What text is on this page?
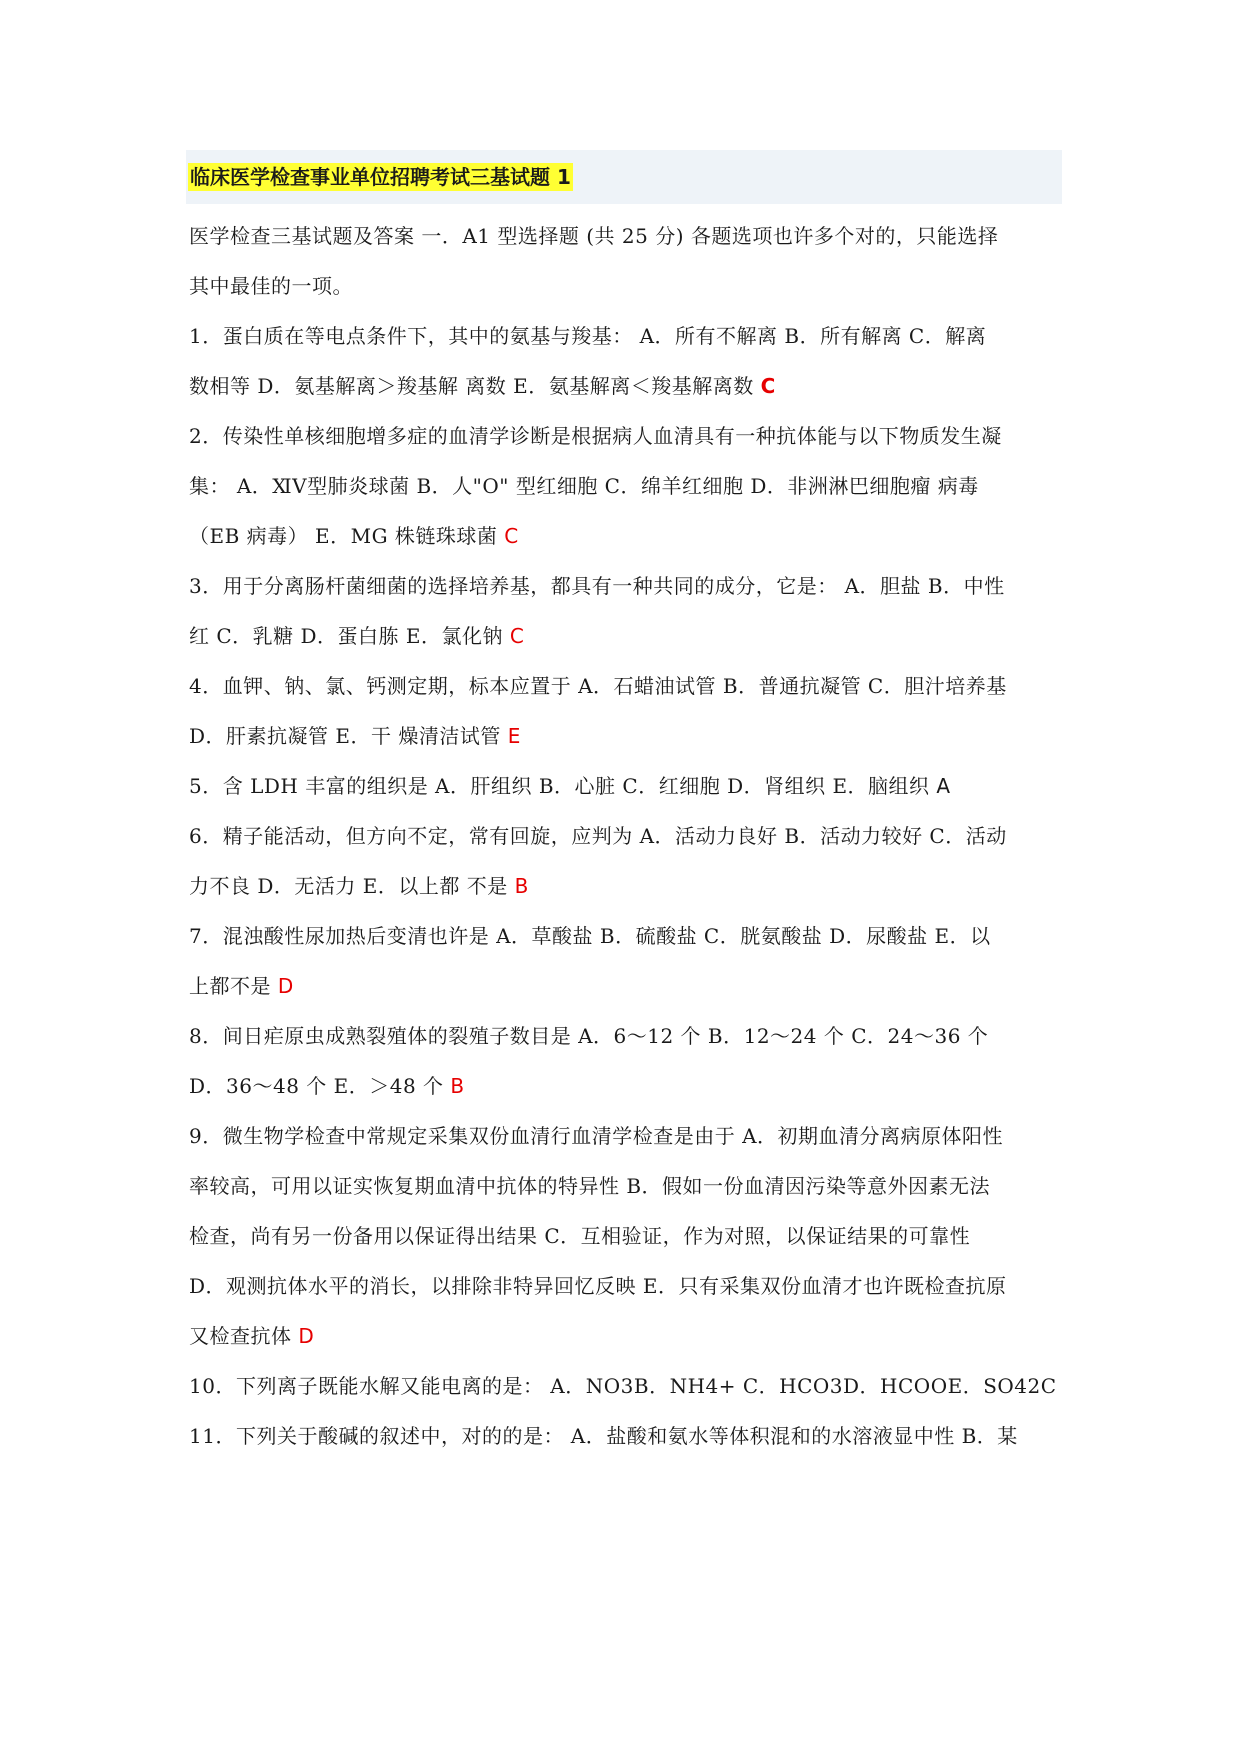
临床医学检查事业单位招聘考试三基试题 1
医学检查三基试题及答案 一．A1 型选择题 (共 25 分) 各题选项也许多个对的，只能选择
其中最佳的一项。
1．蛋白质在等电点条件下，其中的氨基与羧基： A．所有不解离 B．所有解离 C．解离
数相等 D．氨基解离＞羧基解 离数 E．氨基解离＜羧基解离数 C
2．传染性单核细胞增多症的血清学诊断是根据病人血清具有一种抗体能与以下物质发生凝
集： A．ⅪⅤ型肺炎球菌 B．人"O" 型红细胞 C．绵羊红细胞 D．非洲淋巴细胞瘤 病毒
（EB 病毒） E．MG 株链珠球菌 C
3．用于分离肠杆菌细菌的选择培养基，都具有一种共同的成分，它是： A．胆盐 B．中性
红 C．乳糖 D．蛋白胨 E．氯化钠 C
4．血钾、钠、氯、钙测定期，标本应置于 A．石蜡油试管 B．普通抗凝管 C．胆汁培养基
D．肝素抗凝管 E．干 燥清洁试管 E
5．含 LDH 丰富的组织是 A．肝组织 B．心脏 C．红细胞 D．肾组织 E．脑组织 A
6．精子能活动，但方向不定，常有回旋，应判为 A．活动力良好 B．活动力较好 C．活动
力不良 D．无活力 E．以上都 不是 B
7．混浊酸性尿加热后变清也许是 A．草酸盐 B．硫酸盐 C．胱氨酸盐 D．尿酸盐 E．以
上都不是 D
8．间日疟原虫成熟裂殖体的裂殖子数目是 A．6～12 个 B．12～24 个 C．24～36 个
D．36～48 个 E．＞48 个 B
9．微生物学检查中常规定采集双份血清行血清学检查是由于 A．初期血清分离病原体阳性
率较高，可用以证实恢复期血清中抗体的特异性 B．假如一份血清因污染等意外因素无法
检查，尚有另一份备用以保证得出结果 C．互相验证，作为对照，以保证结果的可靠性
D．观测抗体水平的消长，以排除非特异回忆反映 E．只有采集双份血清才也许既检查抗原
又检查抗体 D
10．下列离子既能水解又能电离的是： A．NO3B．NH4+ C．HCO3D．HCOOE．SO42C
11．下列关于酸碱的叙述中，对的的是： A．盐酸和氨水等体积混和的水溶液显中性 B．某
